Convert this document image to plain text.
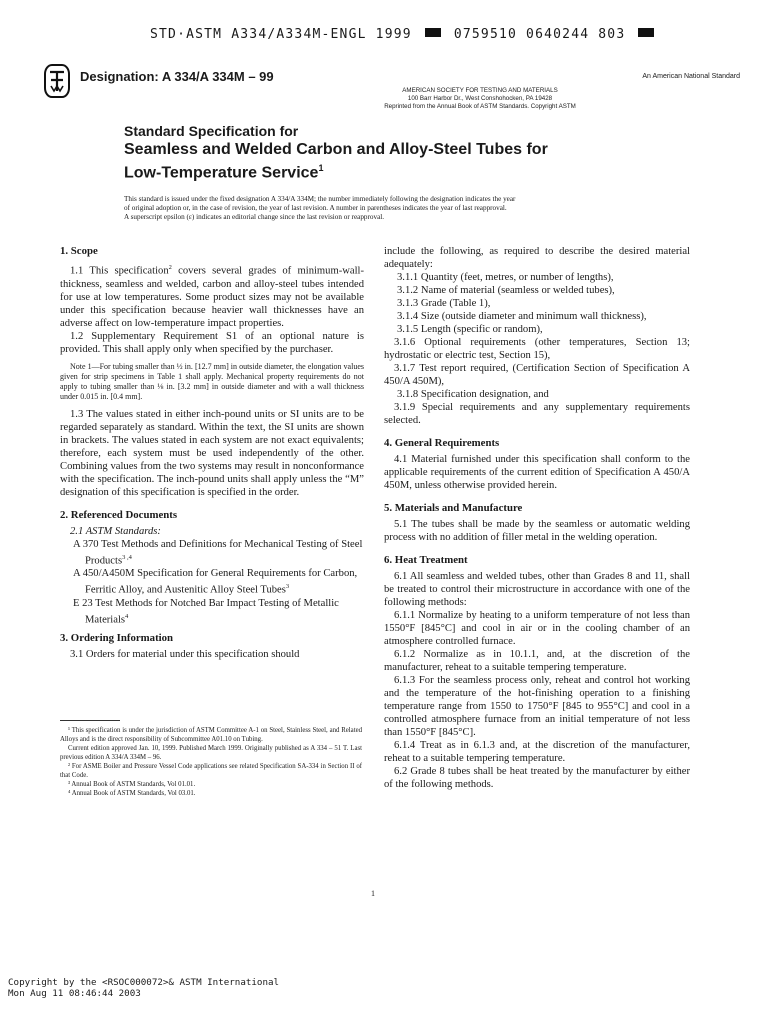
STD·ASTM A334/A334M-ENGL 1999	0759510 0640244 803
Designation: A 334/A 334M – 99	An American National Standard
AMERICAN SOCIETY FOR TESTING AND MATERIALS
100 Barr Harbor Dr., West Conshohocken, PA 19428
Reprinted from the Annual Book of ASTM Standards. Copyright ASTM
Standard Specification for
Seamless and Welded Carbon and Alloy-Steel Tubes for
Low-Temperature Service$^1$
This standard is issued under the fixed designation A 334/A 334M; the number immediately following the designation indicates the year
of original adoption or, in the case of revision, the year of last revision. A number in parentheses indicates the year of last reapproval.
A superscript epsilon (ε) indicates an editorial change since the last revision or reapproval.
1. Scope

1.1 This specification$^2$ covers several grades of minimum-wall-thickness, seamless and welded, carbon and alloy-steel tubes intended for use at low temperatures. Some product sizes may not be available under this specification because heavier wall thicknesses have an adverse affect on low-temperature impact properties.

1.2 Supplementary Requirement S1 of an optional nature is provided. This shall apply only when specified by the purchaser.

Note 1—For tubing smaller than ½ in. [12.7 mm] in outside diameter, the elongation values given for strip specimens in Table 1 shall apply. Mechanical property requirements do not apply to tubing smaller than ⅛ in. [3.2 mm] in outside diameter and with a wall thickness under 0.015 in. [0.4 mm].

1.3 The values stated in either inch-pound units or SI units are to be regarded separately as standard. Within the text, the SI units are shown in brackets. The values stated in each system are not exact equivalents; therefore, each system must be used independently of the other. Combining values from the two systems may result in nonconformance with the specification. The inch-pound units shall apply unless the “M” designation of this specification is specified in the order.

2. Referenced Documents

2.1 ASTM Standards:

A 370 Test Methods and Definitions for Mechanical Testing of Steel Products$^{3 ,4}$

A 450/A450M Specification for General Requirements for Carbon, Ferritic Alloy, and Austenitic Alloy Steel Tubes$^3$

E 23 Test Methods for Notched Bar Impact Testing of Metallic Materials$^4$

3. Ordering Information

3.1 Orders for material under this specification should

¹ This specification is under the jurisdiction of ASTM Committee A-1 on Steel, Stainless Steel, and Related Alloys and is the direct responsibility of Subcommittee A01.10 on Tubing.

Current edition approved Jan. 10, 1999. Published March 1999. Originally published as A 334 – 51 T. Last previous edition A 334/A 334M – 96.

² For ASME Boiler and Pressure Vessel Code applications see related Specification SA-334 in Section II of that Code.

³ Annual Book of ASTM Standards, Vol 01.01.

⁴ Annual Book of ASTM Standards, Vol 03.01.

include the following, as required to describe the desired material adequately:

3.1.1 Quantity (feet, metres, or number of lengths),

3.1.2 Name of material (seamless or welded tubes),

3.1.3 Grade (Table 1),

3.1.4 Size (outside diameter and minimum wall thickness),

3.1.5 Length (specific or random),

3.1.6 Optional requirements (other temperatures, Section 13; hydrostatic or electric test, Section 15),

3.1.7 Test report required, (Certification Section of Specification A 450/A 450M),

3.1.8 Specification designation, and

3.1.9 Special requirements and any supplementary requirements selected.

4. General Requirements

4.1 Material furnished under this specification shall conform to the applicable requirements of the current edition of Specification A 450/A 450M, unless otherwise provided herein.

5. Materials and Manufacture

5.1 The tubes shall be made by the seamless or automatic welding process with no addition of filler metal in the welding operation.

6. Heat Treatment

6.1 All seamless and welded tubes, other than Grades 8 and 11, shall be treated to control their microstructure in accordance with one of the following methods:

6.1.1 Normalize by heating to a uniform temperature of not less than 1550°F [845°C] and cool in air or in the cooling chamber of an atmosphere controlled furnace.

6.1.2 Normalize as in 10.1.1, and, at the discretion of the manufacturer, reheat to a suitable tempering temperature.

6.1.3 For the seamless process only, reheat and control hot working and the temperature of the hot-finishing operation to a finishing temperature range from 1550 to 1750°F [845 to 955°C] and cool in a controlled atmosphere furnace from an initial temperature of not less than 1550°F [845°C].

6.1.4 Treat as in 6.1.3 and, at the discretion of the manufacturer, reheat to a suitable tempering temperature.

6.2 Grade 8 tubes shall be heat treated by the manufacturer by either of the following methods.

1
Copyright by the <RSOC000072>& ASTM International
Mon Aug 11 08:46:44 2003
